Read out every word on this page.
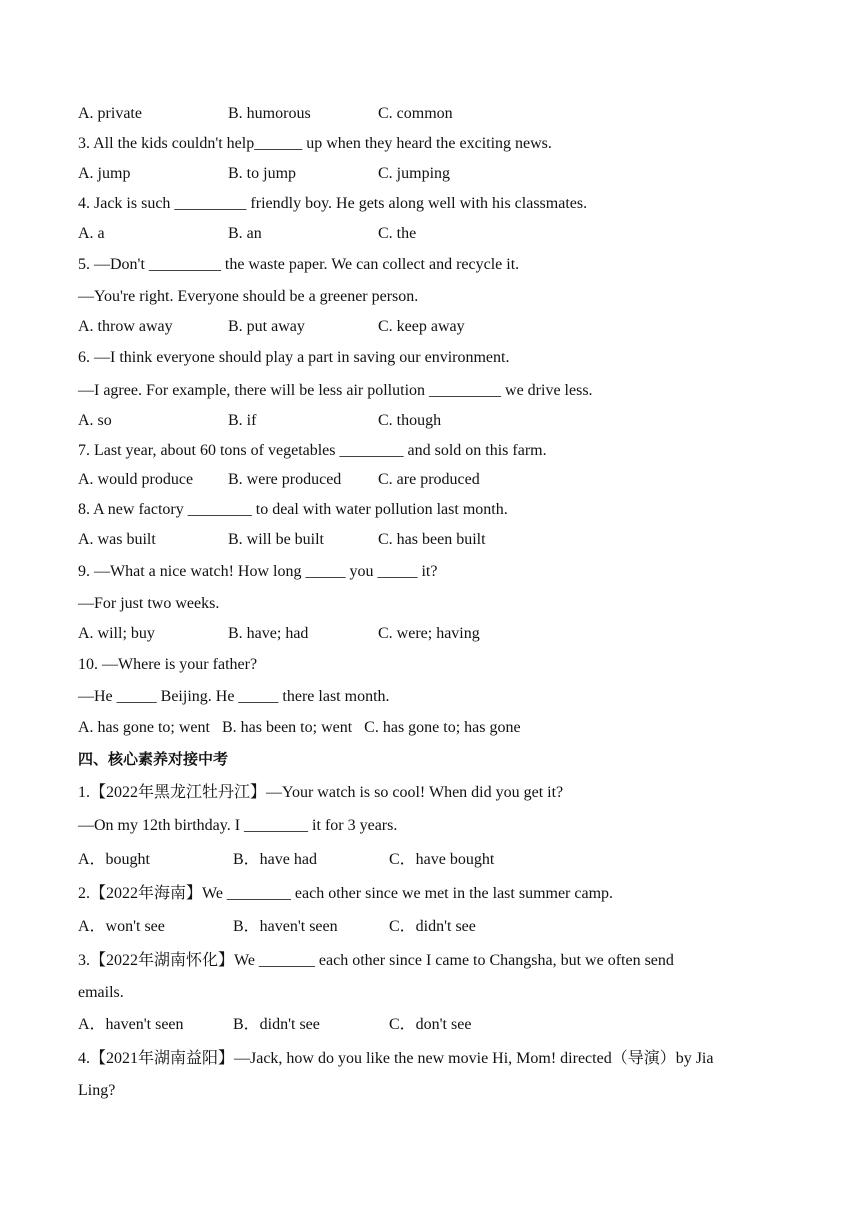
A. private	B. humorous	C. common
3. All the kids couldn't help______ up when they heard the exciting news.
A. jump	B. to jump	C. jumping
4. Jack is such _________ friendly boy. He gets along well with his classmates.
A. a	B. an	C. the
5. —Don't _________ the waste paper. We can collect and recycle it.
—You're right. Everyone should be a greener person.
A. throw away	B. put away	C. keep away
6. —I think everyone should play a part in saving our environment.
—I agree. For example, there will be less air pollution _________ we drive less.
A. so	B. if	C. though
7. Last year, about 60 tons of vegetables ________ and sold on this farm.
A. would produce B. were produced C. are produced
8. A new factory ________ to deal with water pollution last month.
A. was built	B. will be built	C. has been built
9. —What a nice watch! How long _____ you _____ it?
—For just two weeks.
A. will; buy	B. have; had	C. were; having
10. —Where is your father?
—He _____ Beijing. He _____ there last month.
A. has gone to; went   B. has been to; went   C. has gone to; has gone
四、核心素养对接中考
1.【2022年黑龙江牡丹江】—Your watch is so cool! When did you get it?
—On my 12th birthday. I ________ it for 3 years.
A．bought	B．have had	C．have bought
2.【2022年海南】We ________ each other since we met in the last summer camp.
A．won't see	B．haven't seen	C．didn't see
3.【2022年湖南怀化】We _______ each other since I came to Changsha, but we often send
emails.
A．haven't seen	B．didn't see	C．don't see
4.【2021年湖南益阳】—Jack, how do you like the new movie Hi, Mom! directed（导演）by Jia
Ling?
